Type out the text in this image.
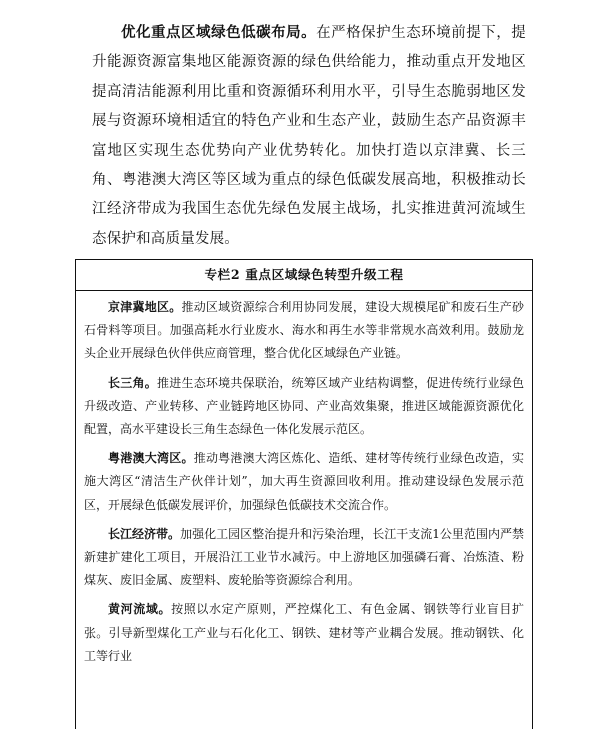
优化重点区域绿色低碳布局。在严格保护生态环境前提下，提升能源资源富集地区能源资源的绿色供给能力，推动重点开发地区提高清洁能源利用比重和资源循环利用水平，引导生态脆弱地区发展与资源环境相适宜的特色产业和生态产业，鼓励生态产品资源丰富地区实现生态优势向产业优势转化。加快打造以京津冀、长三角、粤港澳大湾区等区域为重点的绿色低碳发展高地，积极推动长江经济带成为我国生态优先绿色发展主战场，扎实推进黄河流域生态保护和高质量发展。

专栏2 重点区域绿色转型升级工程

京津冀地区。推动区域资源综合利用协同发展，建设大规模尾矿和废石生产砂石骨料等项目。加强高耗水行业废水、海水和再生水等非常规水高效利用。鼓励龙头企业开展绿色伙伴供应商管理，整合优化区域绿色产业链。

长三角。推进生态环境共保联治，统筹区域产业结构调整，促进传统行业绿色升级改造、产业转移、产业链跨地区协同、产业高效集聚，推进区域能源资源优化配置，高水平建设长三角生态绿色一体化发展示范区。

粤港澳大湾区。推动粤港澳大湾区炼化、造纸、建材等传统行业绿色改造，实施大湾区“清洁生产伙伴计划”，加大再生资源回收利用。推动建设绿色发展示范区，开展绿色低碳发展评价，加强绿色低碳技术交流合作。

长江经济带。加强化工园区整治提升和污染治理，长江干支流1公里范围内严禁新建扩建化工项目，开展沿江工业节水减污。中上游地区加强磷石膏、冶炼渣、粉煤灰、废旧金属、废塑料、废轮胎等资源综合利用。

黄河流域。按照以水定产原则，严控煤化工、有色金属、钢铁等行业盲目扩张。引导新型煤化工产业与石化化工、钢铁、建材等产业耦合发展。推动钢铁、化工等行业
